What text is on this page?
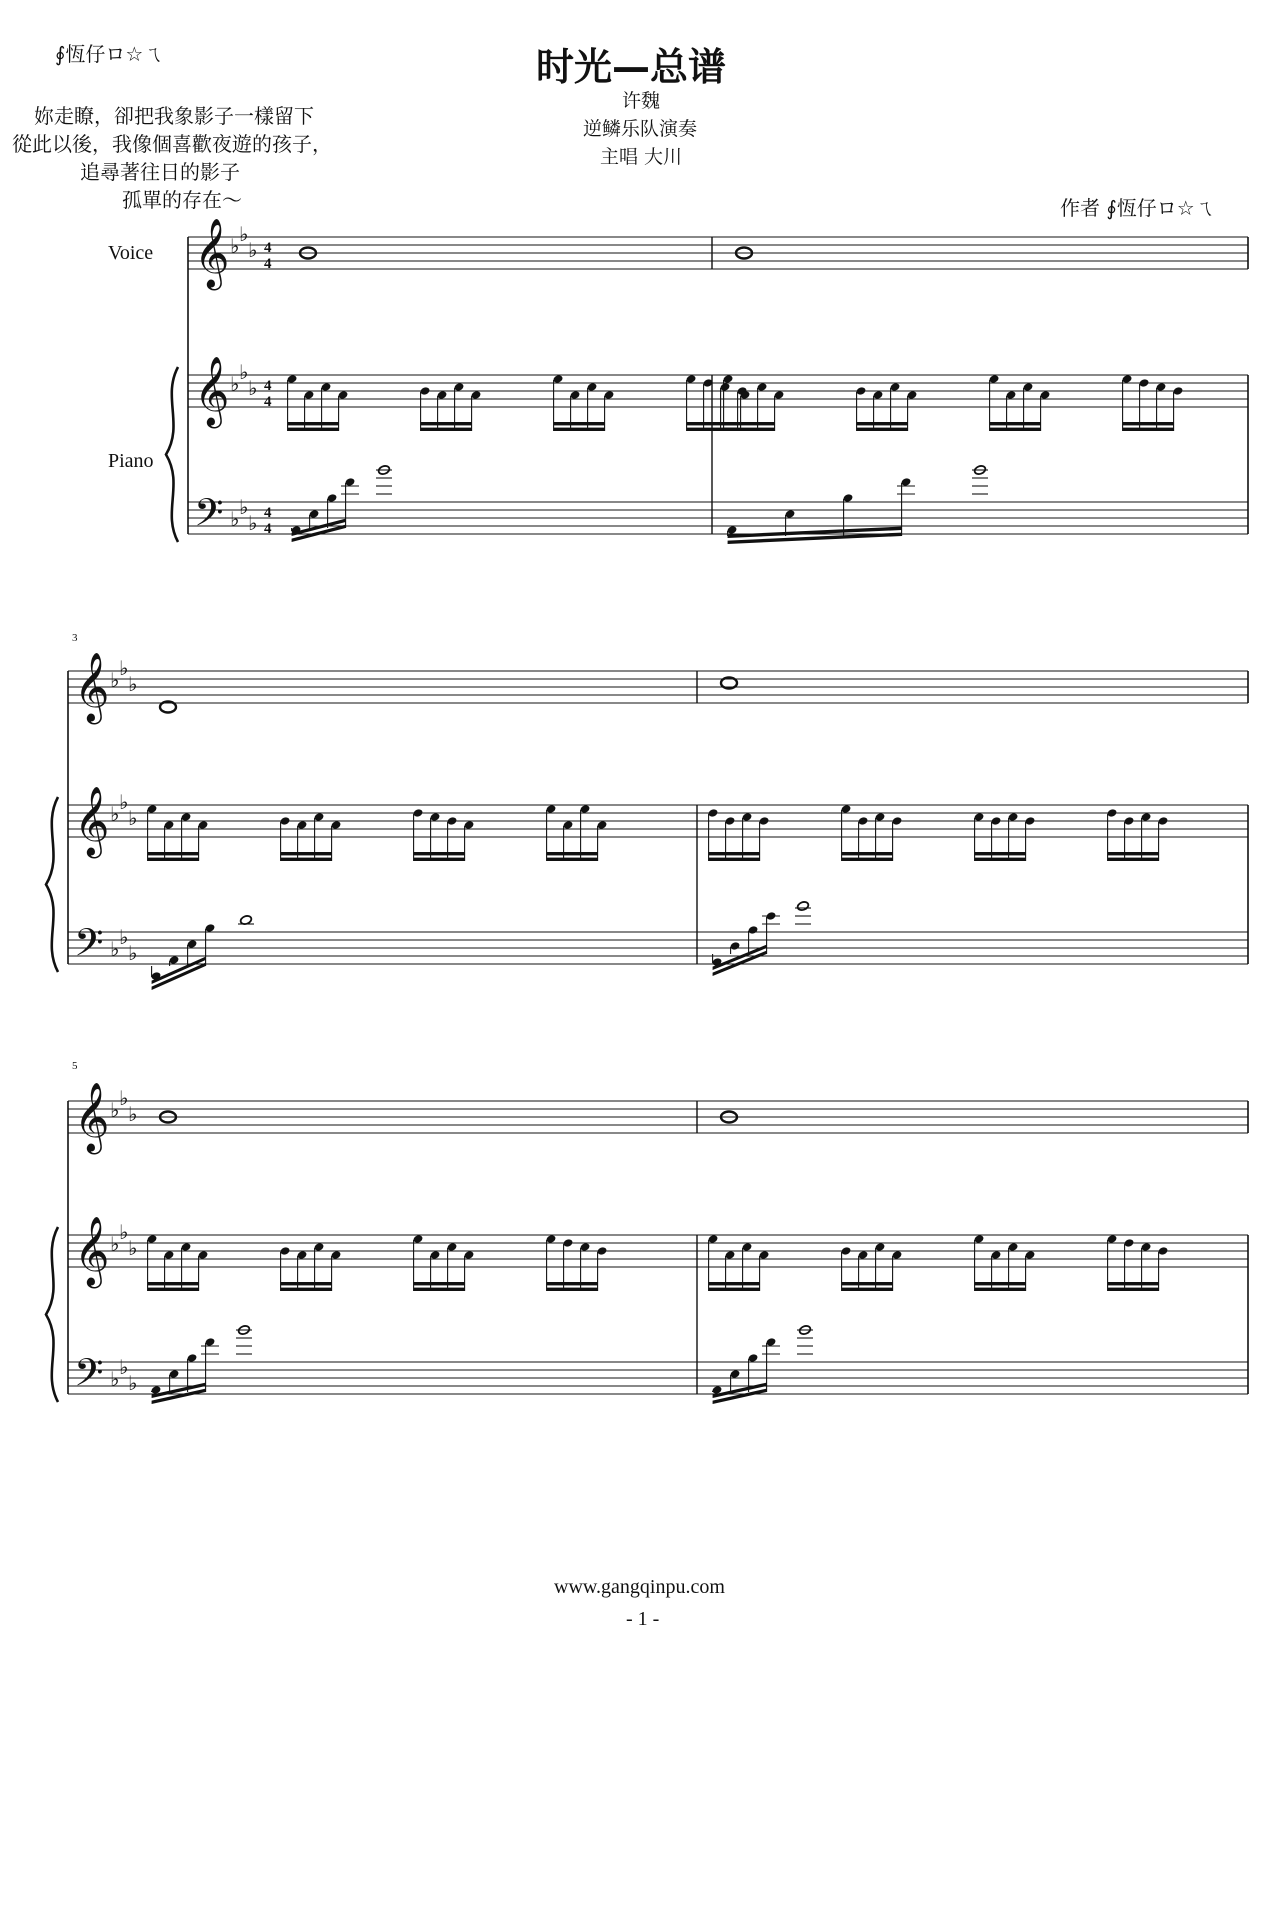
∮恆仔ロ☆ㄟ	时光—总谱
许魏
逆鳞乐队演奏
主唱 大川
妳走瞭，卻把我象影子一樣留下
從此以後，我像個喜歡夜遊的孩子，
追尋著往日的影子
孤單的存在～	作者 ∮恆仔ロ☆ㄟ
Voice
Piano
3
5
𝄞
𝄞
𝄢
♭ ♭
♭
♭ ♭
♭
♭ ♭
♭
4
4
4
4
4
4
𝄞
𝄞
𝄢
♭ ♭
♭
♭ ♭
♭
♭ ♭
♭
𝄞
𝄞
𝄢
♭ ♭
♭
♭ ♭
♭
♭ ♭
♭
www.gangqinpu.com
- 1 -
